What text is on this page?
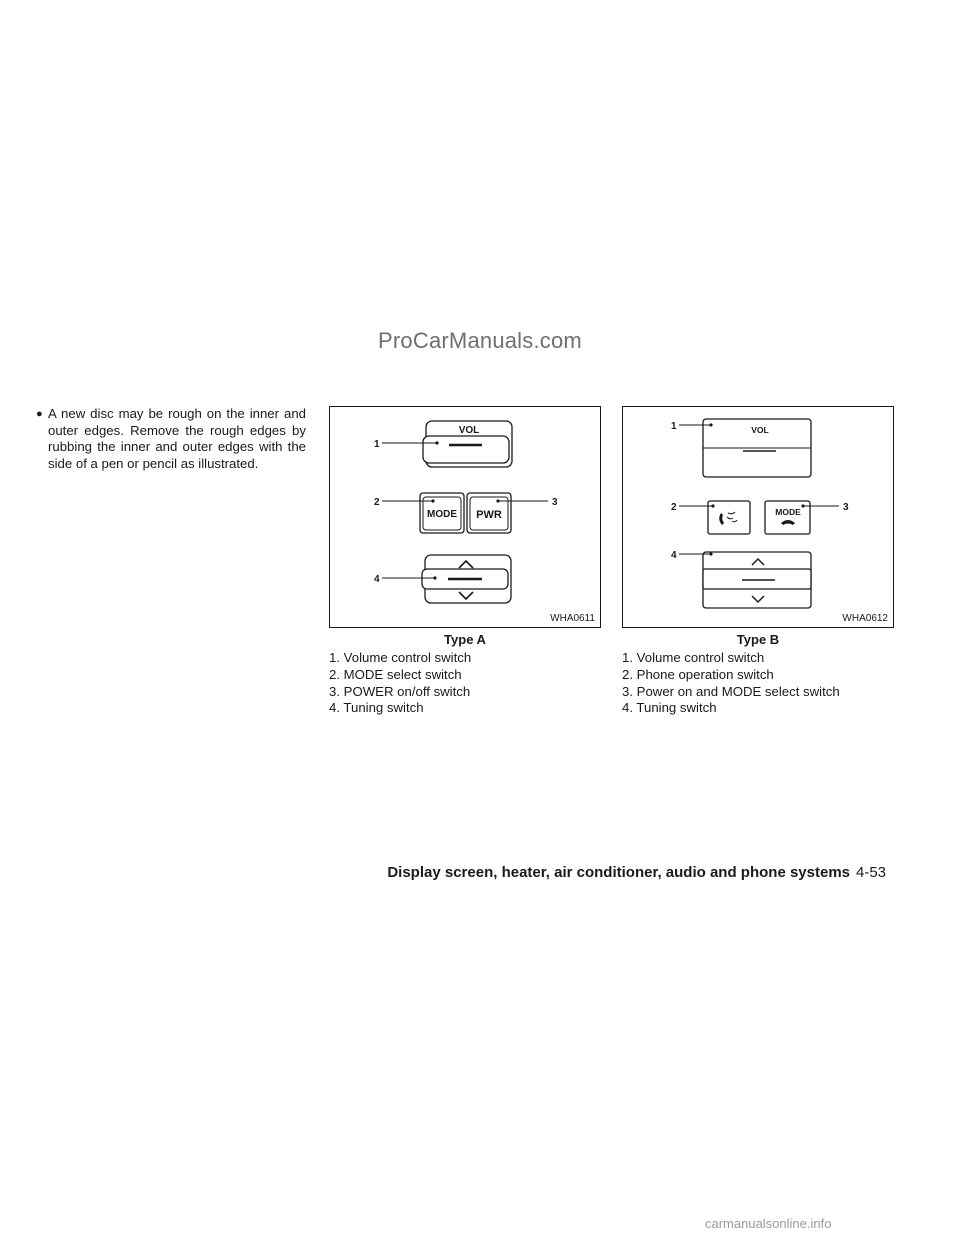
ProCarManuals.com
● A new disc may be rough on the inner and outer edges. Remove the rough edges by rubbing the inner and outer edges with the side of a pen or pencil as illustrated.
VOL
MODE PWR
1
2	3
4
WHA0611
Type A
1. Volume control switch
2. MODE select switch
3. POWER on/off switch
4. Tuning switch
VOL
MODE
1
2	3
4
WHA0612
Type B
1. Volume control switch
2. Phone operation switch
3. Power on and MODE select switch
4. Tuning switch
Display screen, heater, air conditioner, audio and phone systems 4-53
carmanualsonline.info
